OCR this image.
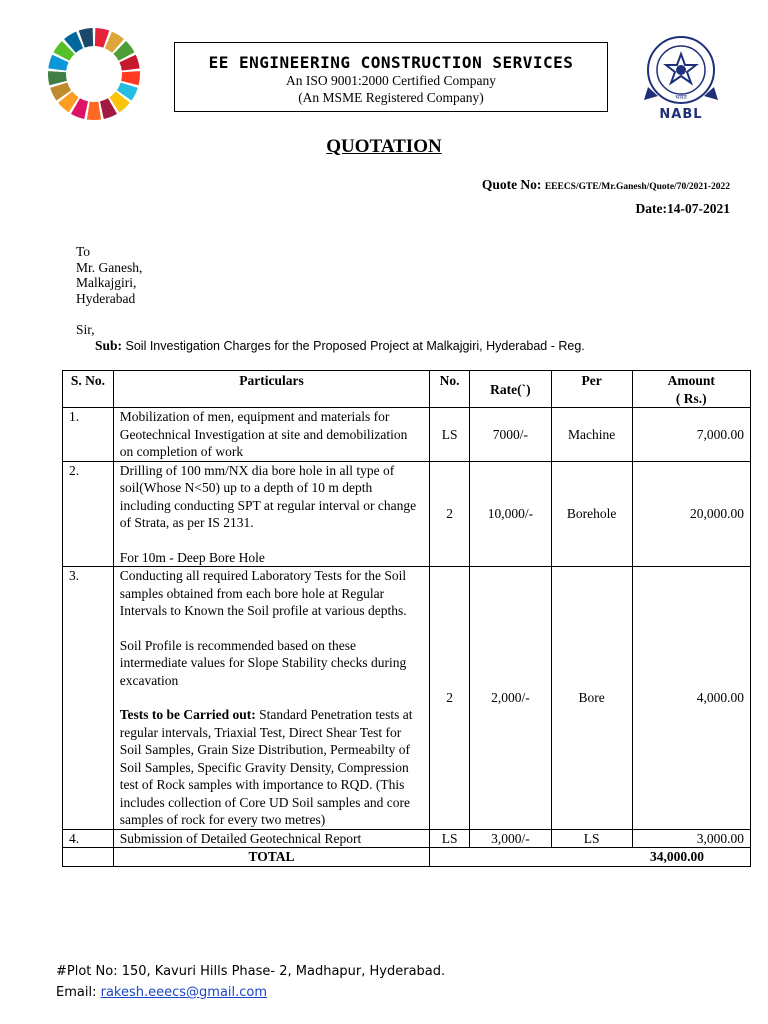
EE ENGINEERING CONSTRUCTION SERVICES
An ISO 9001:2000 Certified Company
(An MSME Registered Company)	भारत
NABL
QUOTATION
Quote No: EEECS/GTE/Mr.Ganesh/Quote/70/2021-2022
Date:14-07-2021
To
Mr. Ganesh,
Malkajgiri,
Hyderabad
Sir,
Sub: Soil Investigation Charges for the Proposed Project at Malkajgiri, Hyderabad - Reg.
S. No.	Particulars	No.	Rate(`)	Per	Amount
( Rs.)
1.	Mobilization of men, equipment and materials for Geotechnical Investigation at site and demobilization on completion of work	LS	7000/-	Machine	7,000.00
2.	Drilling of 100 mm/NX dia bore hole in all type of soil(Whose N<50) up to a depth of 10 m depth including conducting SPT at regular interval or change of Strata, as per IS 2131.
For 10m - Deep Bore Hole	2	10,000/-	Borehole	20,000.00
3.	Conducting all required Laboratory Tests for the Soil samples obtained from each bore hole at Regular Intervals to Known the Soil profile at various depths.
Soil Profile is recommended based on these intermediate values for Slope Stability checks during excavation
Tests to be Carried out: Standard Penetration tests at regular intervals, Triaxial Test, Direct Shear Test for Soil Samples, Grain Size Distribution, Permeabilty of Soil Samples, Specific Gravity Density, Compression test of Rock samples with importance to RQD. (This includes collection of Core UD Soil samples and core samples of rock for every two metres)	2	2,000/-	Bore	4,000.00
4.	Submission of Detailed Geotechnical Report	LS	3,000/-	LS	3,000.00
	TOTAL	34,000.00			
#Plot No: 150, Kavuri Hills Phase- 2, Madhapur, Hyderabad.
Email: rakesh.eeecs@gmail.com
